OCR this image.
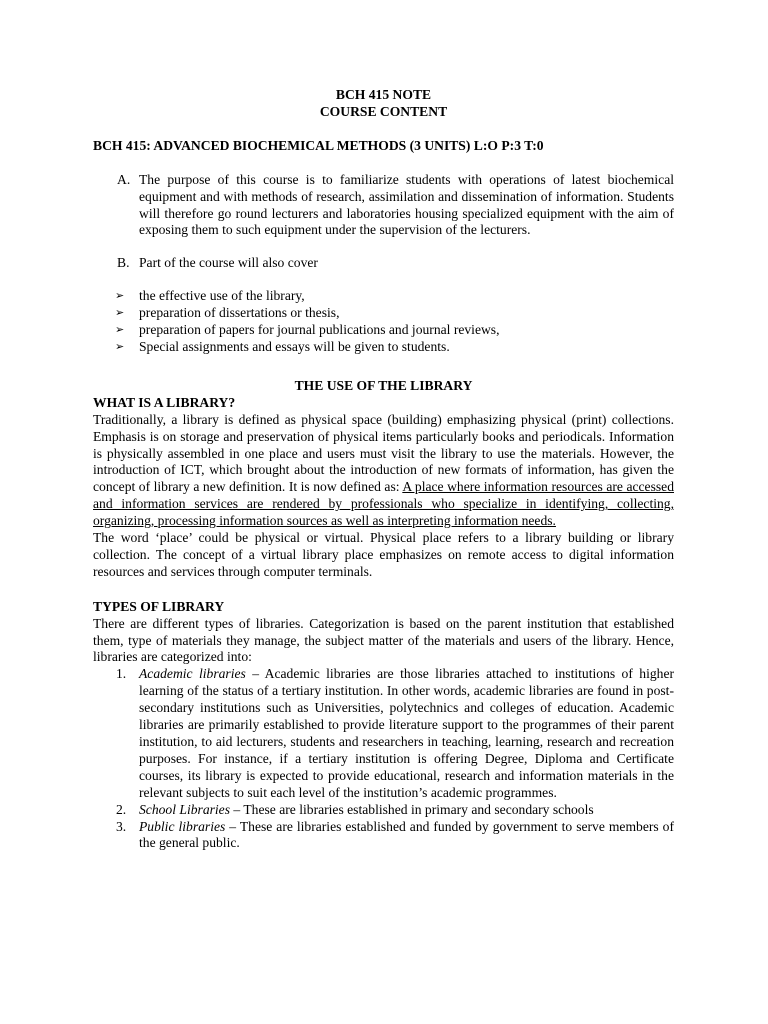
BCH 415 NOTE
COURSE CONTENT
BCH 415: ADVANCED BIOCHEMICAL METHODS (3 UNITS) L:O P:3 T:0
A. The purpose of this course is to familiarize students with operations of latest biochemical equipment and with methods of research, assimilation and dissemination of information. Students will therefore go round lecturers and laboratories housing specialized equipment with the aim of exposing them to such equipment under the supervision of the lecturers.
B. Part of the course will also cover
➢ the effective use of the library,
➢ preparation of dissertations or thesis,
➢ preparation of papers for journal publications and journal reviews,
➢ Special assignments and essays will be given to students.
THE USE OF THE LIBRARY
WHAT IS A LIBRARY?

Traditionally, a library is defined as physical space (building) emphasizing physical (print) collections. Emphasis is on storage and preservation of physical items particularly books and periodicals. Information is physically assembled in one place and users must visit the library to use the materials. However, the introduction of ICT, which brought about the introduction of new formats of information, has given the concept of library a new definition. It is now defined as: A place where information resources are accessed and information services are rendered by professionals who specialize in identifying, collecting, organizing, processing information sources as well as interpreting information needs.

The word ‘place’ could be physical or virtual. Physical place refers to a library building or library collection. The concept of a virtual library place emphasizes on remote access to digital information resources and services through computer terminals.

TYPES OF LIBRARY

There are different types of libraries. Categorization is based on the parent institution that established them, type of materials they manage, the subject matter of the materials and users of the library. Hence, libraries are categorized into:

1. Academic libraries – Academic libraries are those libraries attached to institutions of higher learning of the status of a tertiary institution. In other words, academic libraries are found in post-secondary institutions such as Universities, polytechnics and colleges of education. Academic libraries are primarily established to provide literature support to the programmes of their parent institution, to aid lecturers, students and researchers in teaching, learning, research and recreation purposes. For instance, if a tertiary institution is offering Degree, Diploma and Certificate courses, its library is expected to provide educational, research and information materials in the relevant subjects to suit each level of the institution’s academic programmes.
2. School Libraries – These are libraries established in primary and secondary schools
3. Public libraries – These are libraries established and funded by government to serve members of the general public.
